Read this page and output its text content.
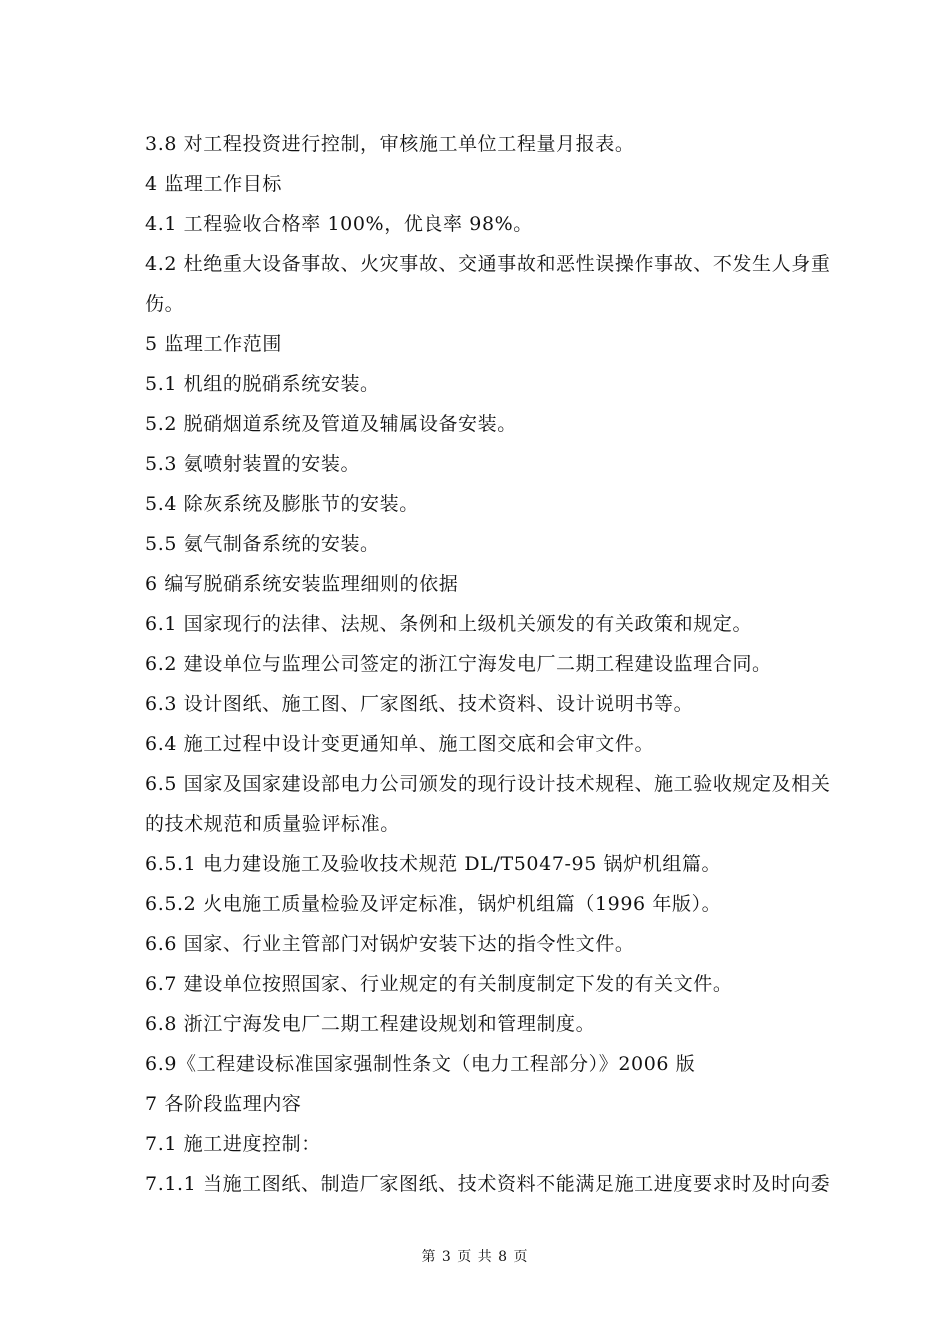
3.8 对工程投资进行控制，审核施工单位工程量月报表。
4 监理工作目标
4.1 工程验收合格率 100%，优良率 98%。
4.2 杜绝重大设备事故、火灾事故、交通事故和恶性误操作事故、不发生人身重
伤。
5 监理工作范围
5.1 机组的脱硝系统安装。
5.2 脱硝烟道系统及管道及辅属设备安装。
5.3 氨喷射装置的安装。
5.4 除灰系统及膨胀节的安装。
5.5 氨气制备系统的安装。
6 编写脱硝系统安装监理细则的依据
6.1 国家现行的法律、法规、条例和上级机关颁发的有关政策和规定。
6.2 建设单位与监理公司签定的浙江宁海发电厂二期工程建设监理合同。
6.3 设计图纸、施工图、厂家图纸、技术资料、设计说明书等。
6.4 施工过程中设计变更通知单、施工图交底和会审文件。
6.5 国家及国家建设部电力公司颁发的现行设计技术规程、施工验收规定及相关
的技术规范和质量验评标准。
6.5.1 电力建设施工及验收技术规范 DL/T5047-95 锅炉机组篇。
6.5.2 火电施工质量检验及评定标准，锅炉机组篇（1996 年版）。
6.6 国家、行业主管部门对锅炉安装下达的指令性文件。
6.7 建设单位按照国家、行业规定的有关制度制定下发的有关文件。
6.8 浙江宁海发电厂二期工程建设规划和管理制度。
6.9《工程建设标准国家强制性条文（电力工程部分）》2006 版
7 各阶段监理内容
7.1 施工进度控制：
7.1.1 当施工图纸、制造厂家图纸、技术资料不能满足施工进度要求时及时向委
第 3 页 共 8 页
